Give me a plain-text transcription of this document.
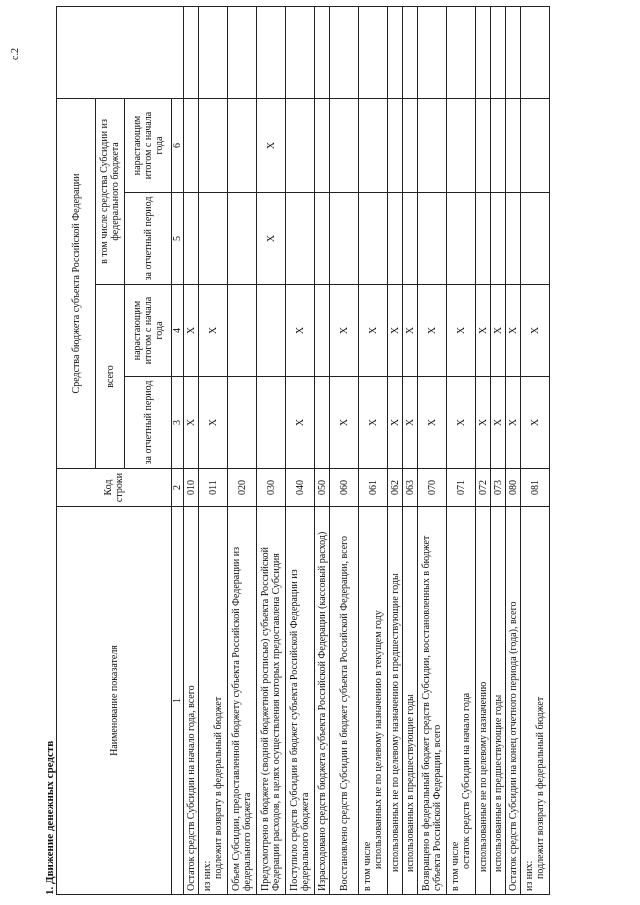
с.2
1. Движение денежных средств
Наименование показателя	Код строки	Средства бюджета субъекта Российской Федерации				
		всего		в том числе средства Субсидии из федерального бюджета		
		за отчетный период	нарастающим итогом с начала года	за отчетный период	нарастающим итогом с начала года	
1	2	3	4	5	6	
Остаток средств Субсидии на начало года, всего	010	X	X			

из них: подлежит возврату в федеральный бюджет	011	X	X			
Объем Субсидии, предоставленной бюджету субъекта Российской Федерации из федерального бюджета	020					
Предусмотрено в бюджете (сводной бюджетной росписью) субъекта Российской Федерации расходов, в целях осуществления которых предоставлена Субсидия	030			X	X	
Поступило средств Субсидии в бюджет субъекта Российской Федерации из федерального бюджета	040	X	X			
Израсходовано средств бюджета субъекта Российской Федерации (кассовый расход)	050					
Восстановлено средств Субсидии в бюджет субъекта Российской Федерации, всего	060	X	X			

в том числе использованных не по целевому назначению в текущем году	061	X	X			
использованных не по целевому назначению в предшествующие годы	062	X	X			
использованных в предшествующие годы	063	X	X			
Возвращено в федеральный бюджет средств Субсидии, восстановленных в бюджет субъекта Российской Федерации, всего	070	X	X			

в том числе остаток средств Субсидии на начало года	071	X	X			
использованные не по целевому назначению	072	X	X			
использованные в предшествующие годы	073	X	X			
Остаток средств Субсидии на конец отчетного периода (года), всего	080	X	X			

из них: подлежит возврату в федеральный бюджет	081	X	X			
